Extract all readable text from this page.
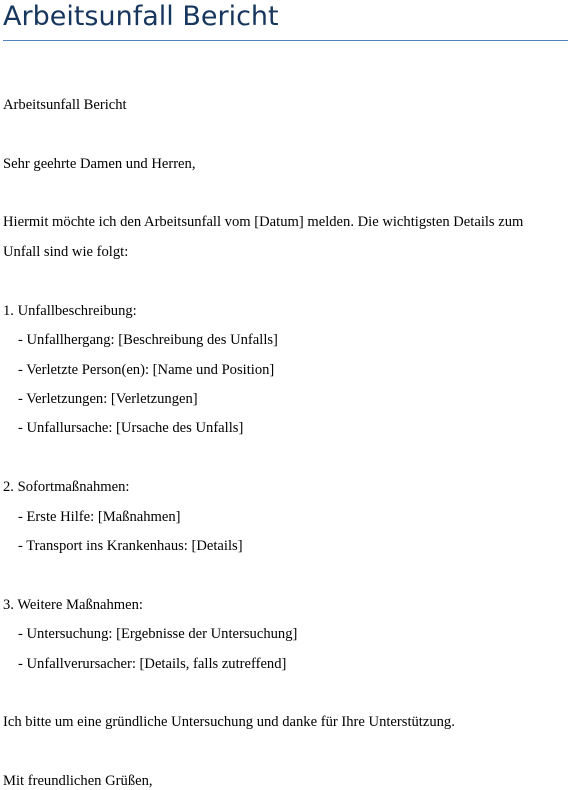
Arbeitsunfall Bericht
Arbeitsunfall Bericht
Sehr geehrte Damen und Herren,
Hiermit möchte ich den Arbeitsunfall vom [Datum] melden. Die wichtigsten Details zum
Unfall sind wie folgt:
1. Unfallbeschreibung:
- Unfallhergang: [Beschreibung des Unfalls]
- Verletzte Person(en): [Name und Position]
- Verletzungen: [Verletzungen]
- Unfallursache: [Ursache des Unfalls]
2. Sofortmaßnahmen:
- Erste Hilfe: [Maßnahmen]
- Transport ins Krankenhaus: [Details]
3. Weitere Maßnahmen:
- Untersuchung: [Ergebnisse der Untersuchung]
- Unfallverursacher: [Details, falls zutreffend]
Ich bitte um eine gründliche Untersuchung und danke für Ihre Unterstützung.
Mit freundlichen Grüßen,
